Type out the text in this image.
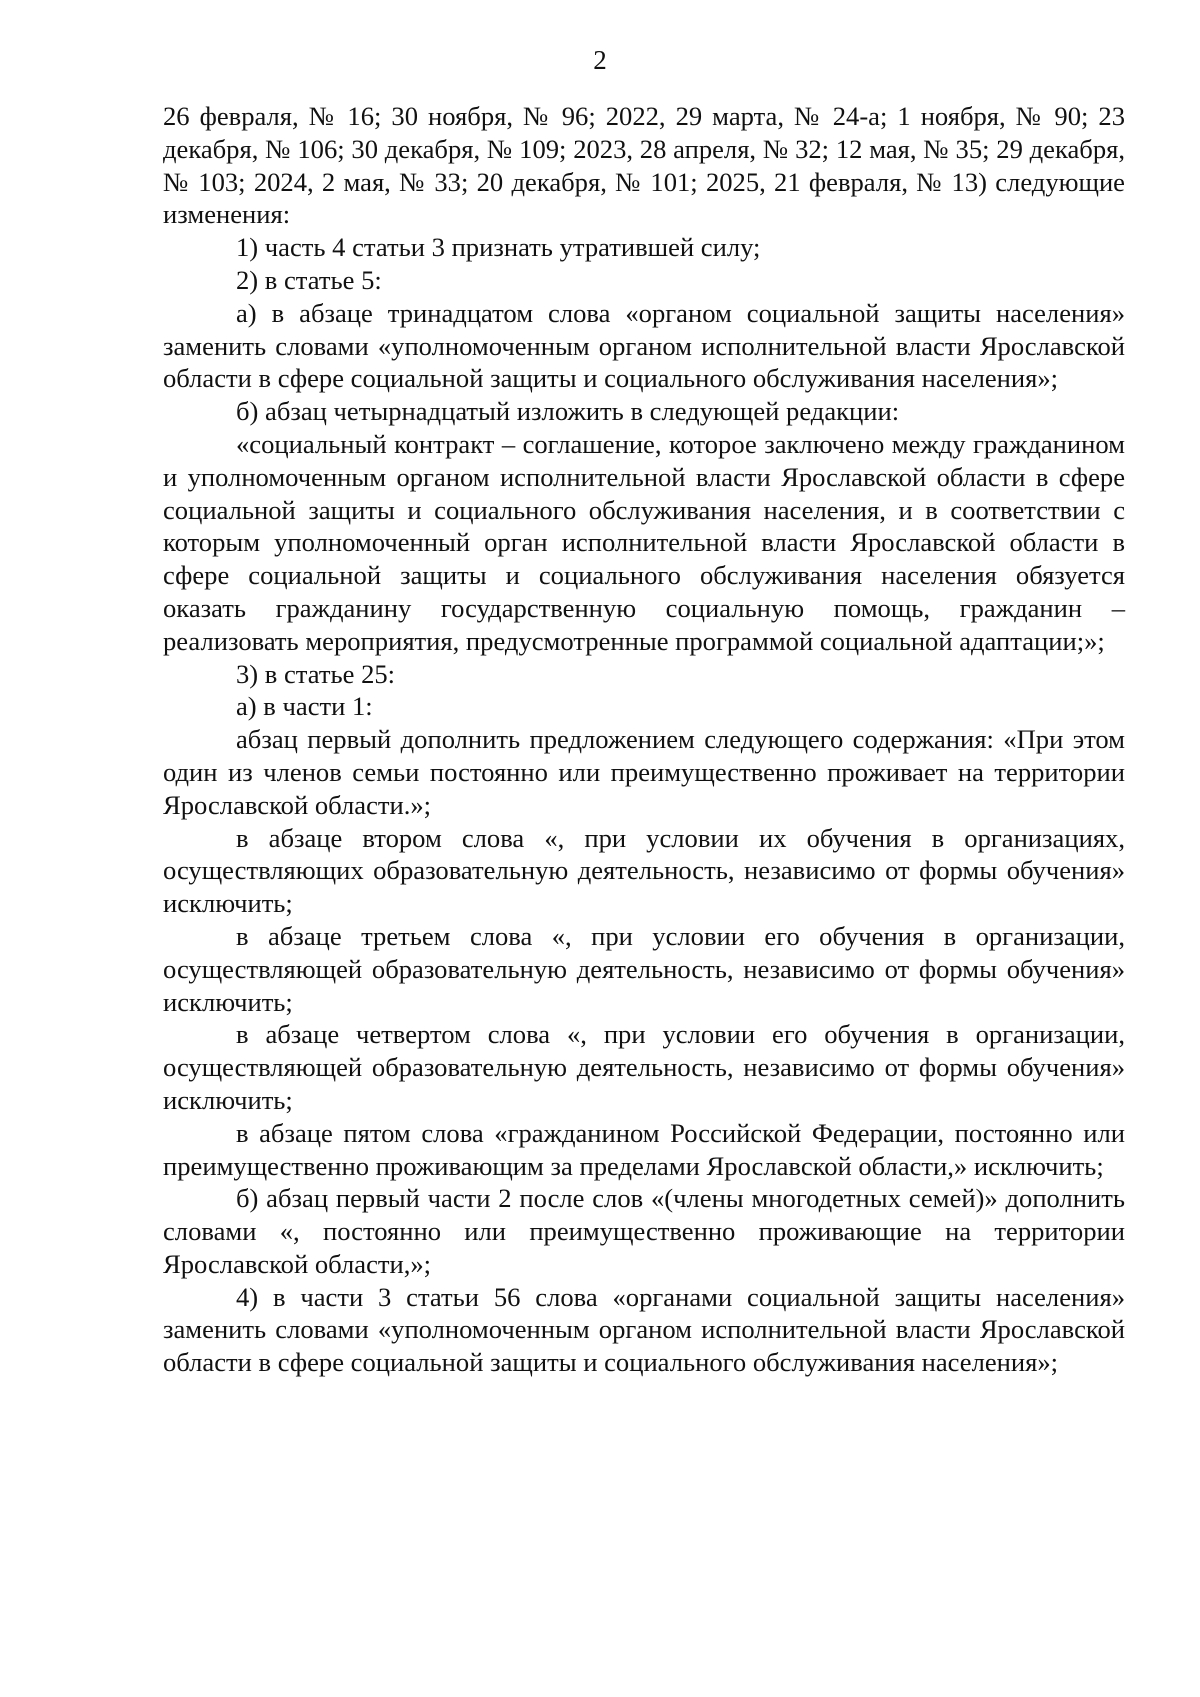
2

26 февраля, № 16; 30 ноября, № 96; 2022, 29 марта, № 24-а; 1 ноября, № 90; 23 декабря, № 106; 30 декабря, № 109; 2023, 28 апреля, № 32; 12 мая, № 35; 29 декабря, № 103; 2024, 2 мая, № 33; 20 декабря, № 101; 2025, 21 февраля, № 13) следующие изменения:

1) часть 4 статьи 3 признать утратившей силу;

2) в статье 5:

а) в абзаце тринадцатом слова «органом социальной защиты населения» заменить словами «уполномоченным органом исполнительной власти Ярославской области в сфере социальной защиты и социального обслуживания населения»;

б) абзац четырнадцатый изложить в следующей редакции:

«социальный контракт – соглашение, которое заключено между гражданином и уполномоченным органом исполнительной власти Ярославской области в сфере социальной защиты и социального обслуживания населения, и в соответствии с которым уполномоченный орган исполнительной власти Ярославской области в сфере социальной защиты и социального обслуживания населения обязуется оказать гражданину государственную социальную помощь, гражданин – реализовать мероприятия, предусмотренные программой социальной адаптации;»;

3) в статье 25:

а) в части 1:

абзац первый дополнить предложением следующего содержания: «При этом один из членов семьи постоянно или преимущественно проживает на территории Ярославской области.»;

в абзаце втором слова «, при условии их обучения в организациях, осуществляющих образовательную деятельность, независимо от формы обучения» исключить;

в абзаце третьем слова «, при условии его обучения в организации, осуществляющей образовательную деятельность, независимо от формы обучения» исключить;

в абзаце четвертом слова «, при условии его обучения в организации, осуществляющей образовательную деятельность, независимо от формы обучения» исключить;

в абзаце пятом слова «гражданином Российской Федерации, постоянно или преимущественно проживающим за пределами Ярославской области,» исключить;

б) абзац первый части 2 после слов «(члены многодетных семей)» дополнить словами «, постоянно или преимущественно проживающие на территории Ярославской области,»;

4) в части 3 статьи 56 слова «органами социальной защиты населения» заменить словами «уполномоченным органом исполнительной власти Ярославской области в сфере социальной защиты и социального обслуживания населения»;
